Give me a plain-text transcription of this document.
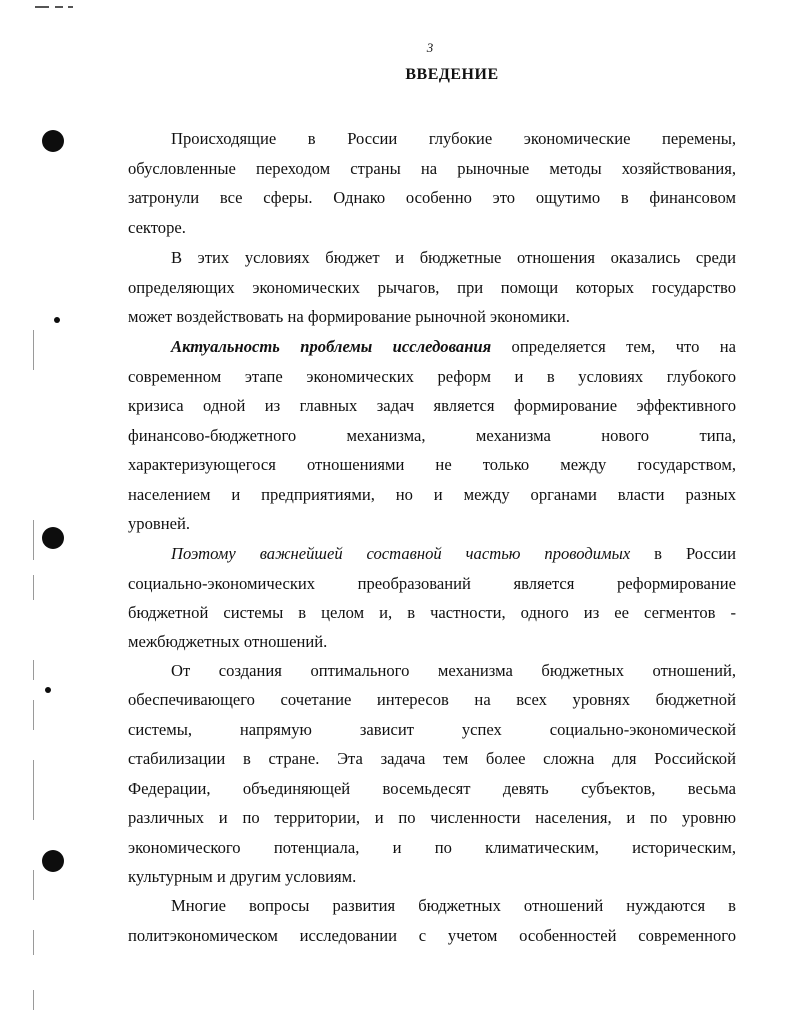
3
ВВЕДЕНИЕ
Происходящие в России глубокие экономические перемены,
обусловленные переходом страны на рыночные методы хозяйствования,
затронули все сферы. Однако особенно это ощутимо в финансовом
секторе.
В этих условиях бюджет и бюджетные отношения оказались среди
определяющих экономических рычагов, при помощи которых государство
может воздействовать на формирование рыночной экономики.
Актуальность проблемы исследования определяется тем, что на
современном этапе экономических реформ и в условиях глубокого
кризиса одной из главных задач является формирование эффективного
финансово-бюджетного механизма, механизма нового типа,
характеризующегося отношениями не только между государством,
населением и предприятиями, но и между органами власти разных
уровней.
Поэтому важнейшей составной частью проводимых в России
социально-экономических преобразований является реформирование
бюджетной системы в целом и, в частности, одного из ее сегментов -
межбюджетных отношений.
От создания оптимального механизма бюджетных отношений,
обеспечивающего сочетание интересов на всех уровнях бюджетной
системы, напрямую зависит успех социально-экономической
стабилизации в стране. Эта задача тем более сложна для Российской
Федерации, объединяющей восемьдесят девять субъектов, весьма
различных и по территории, и по численности населения, и по уровню
экономического потенциала, и по климатическим, историческим,
культурным и другим условиям.
Многие вопросы развития бюджетных отношений нуждаются в
политэкономическом исследовании с учетом особенностей современного
